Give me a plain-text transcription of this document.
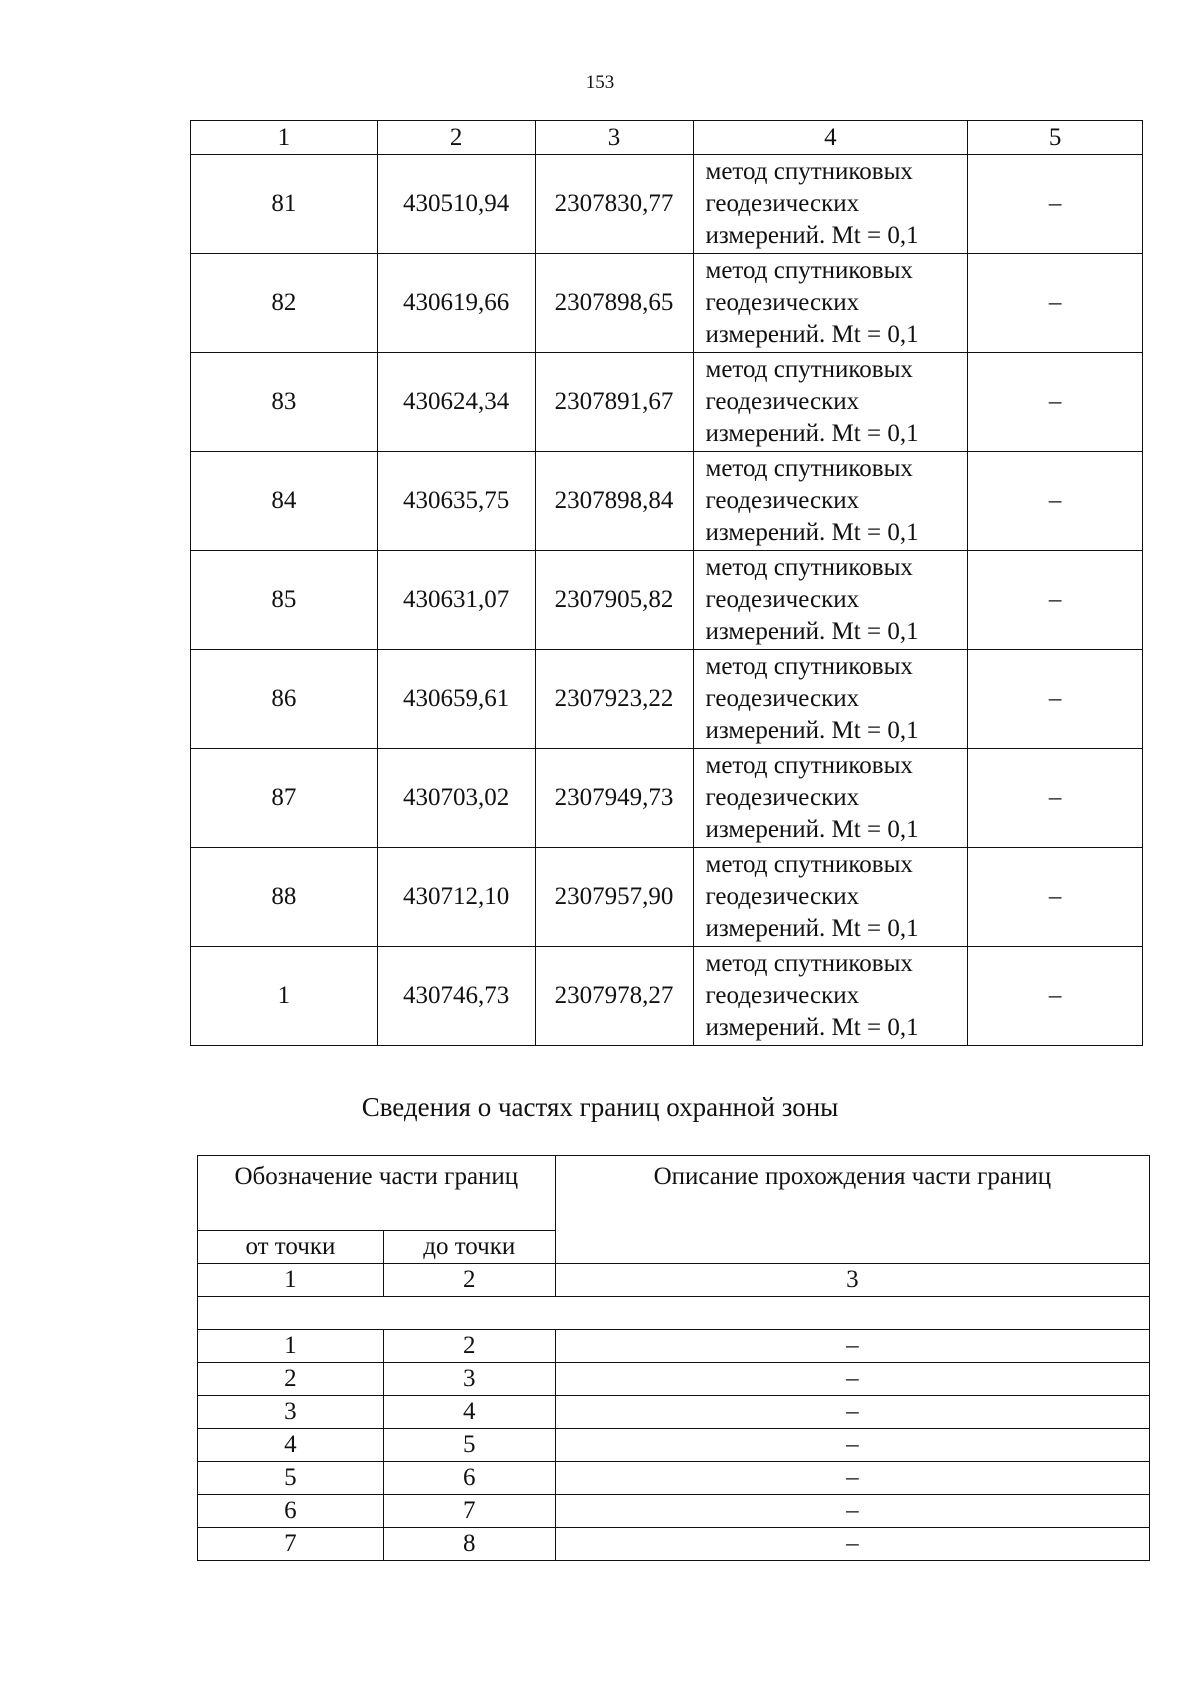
153
1	2	3	4	5
81	430510,94	2307830,77	метод спутниковых
геодезических
измерений. Mt = 0,1	–
82	430619,66	2307898,65	метод спутниковых
геодезических
измерений. Mt = 0,1	–
83	430624,34	2307891,67	метод спутниковых
геодезических
измерений. Mt = 0,1	–
84	430635,75	2307898,84	метод спутниковых
геодезических
измерений. Mt = 0,1	–
85	430631,07	2307905,82	метод спутниковых
геодезических
измерений. Mt = 0,1	–
86	430659,61	2307923,22	метод спутниковых
геодезических
измерений. Mt = 0,1	–
87	430703,02	2307949,73	метод спутниковых
геодезических
измерений. Mt = 0,1	–
88	430712,10	2307957,90	метод спутниковых
геодезических
измерений. Mt = 0,1	–
1	430746,73	2307978,27	метод спутниковых
геодезических
измерений. Mt = 0,1	–
Сведения о частях границ охранной зоны
Обозначение части границ		Описание прохождения части границ
от точки	до точки	
1	2	3

1	2	–
2	3	–
3	4	–
4	5	–
5	6	–
6	7	–
7	8	–
